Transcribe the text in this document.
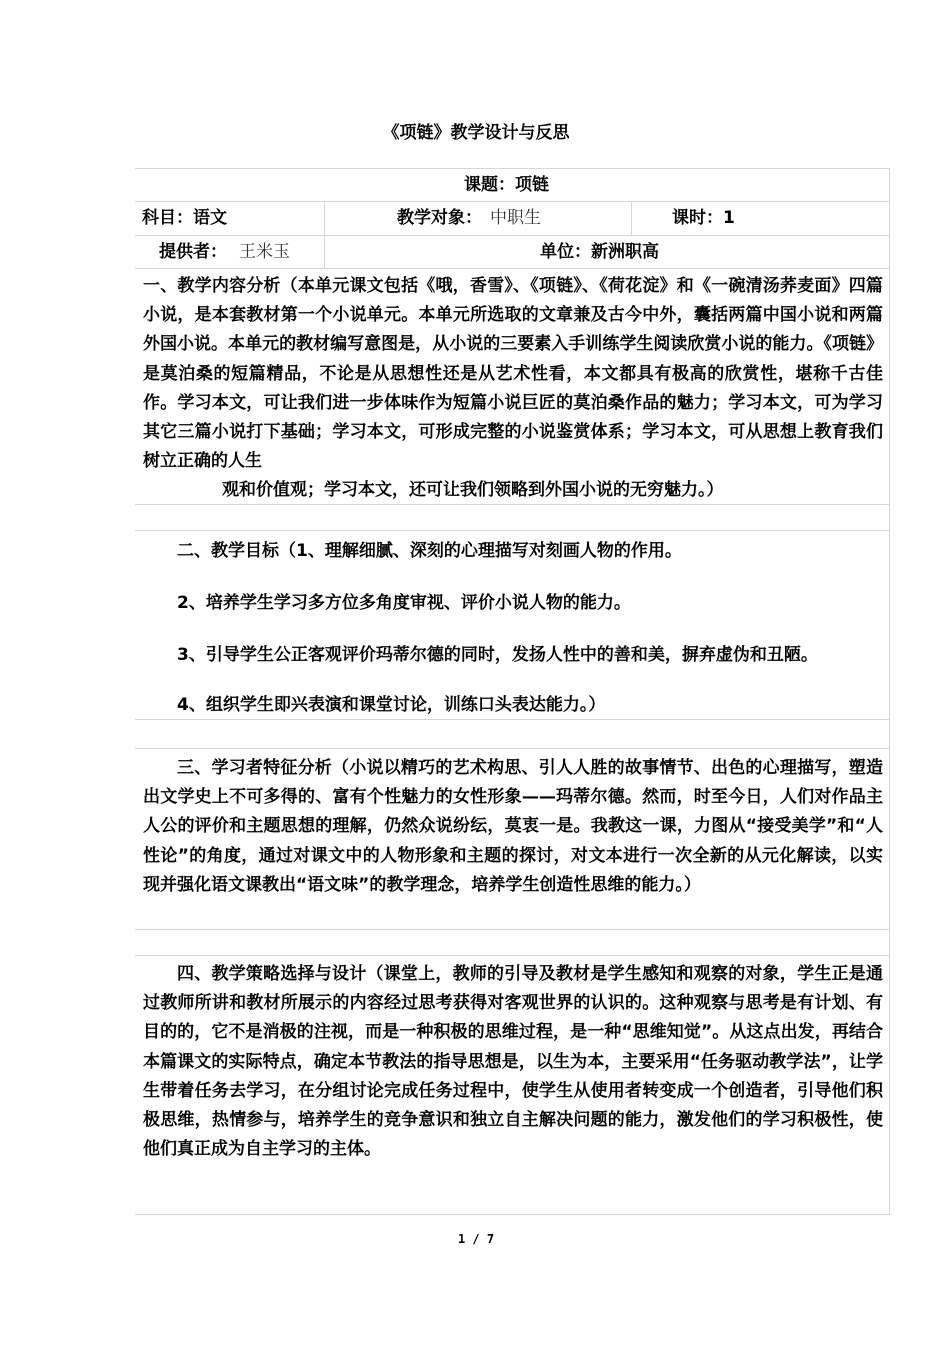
《项链》教学设计与反思
课题：项链
科目：语文	教学对象： 中职生	课时：1
提供者： 王米玉	单位：新洲职高
一、教学内容分析（本单元课文包括《哦，香雪》、《项链》、《荷花淀》和《一碗清汤荞麦面》四篇小说，是本套教材第一个小说单元。本单元所选取的文章兼及古今中外，囊括两篇中国小说和两篇外国小说。本单元的教材编写意图是，从小说的三要素入手训练学生阅读欣赏小说的能力。《项链》是莫泊桑的短篇精品，不论是从思想性还是从艺术性看，本文都具有极高的欣赏性，堪称千古佳作。学习本文，可让我们进一步体味作为短篇小说巨匠的莫泊桑作品的魅力；学习本文，可为学习其它三篇小说打下基础；学习本文，可形成完整的小说鉴赏体系；学习本文，可从思想上教育我们树立正确的人生
观和价值观；学习本文，还可让我们领略到外国小说的无穷魅力。）
二、教学目标（1、理解细腻、深刻的心理描写对刻画人物的作用。
2、培养学生学习多方位多角度审视、评价小说人物的能力。
3、引导学生公正客观评价玛蒂尔德的同时，发扬人性中的善和美，摒弃虚伪和丑陋。
4、组织学生即兴表演和课堂讨论，训练口头表达能力。）
三、学习者特征分析（小说以精巧的艺术构思、引人人胜的故事情节、出色的心理描写，塑造出文学史上不可多得的、富有个性魅力的女性形象——玛蒂尔德。然而，时至今日，人们对作品主人公的评价和主题思想的理解，仍然众说纷纭，莫衷一是。我教这一课，力图从“接受美学”和“人性论”的角度，通过对课文中的人物形象和主题的探讨，对文本进行一次全新的从元化解读，以实现并强化语文课教出“语文味”的教学理念，培养学生创造性思维的能力。）
四、教学策略选择与设计（课堂上，教师的引导及教材是学生感知和观察的对象，学生正是通过教师所讲和教材所展示的内容经过思考获得对客观世界的认识的。这种观察与思考是有计划、有目的的，它不是消极的注视，而是一种积极的思维过程，是一种“思维知觉”。从这点出发，再结合本篇课文的实际特点，确定本节教法的指导思想是，以生为本，主要采用“任务驱动教学法”，让学生带着任务去学习，在分组讨论完成任务过程中，使学生从使用者转变成一个创造者，引导他们积极思维，热情参与，培养学生的竞争意识和独立自主解决问题的能力，激发他们的学习积极性，使他们真正成为自主学习的主体。
1 / 7
